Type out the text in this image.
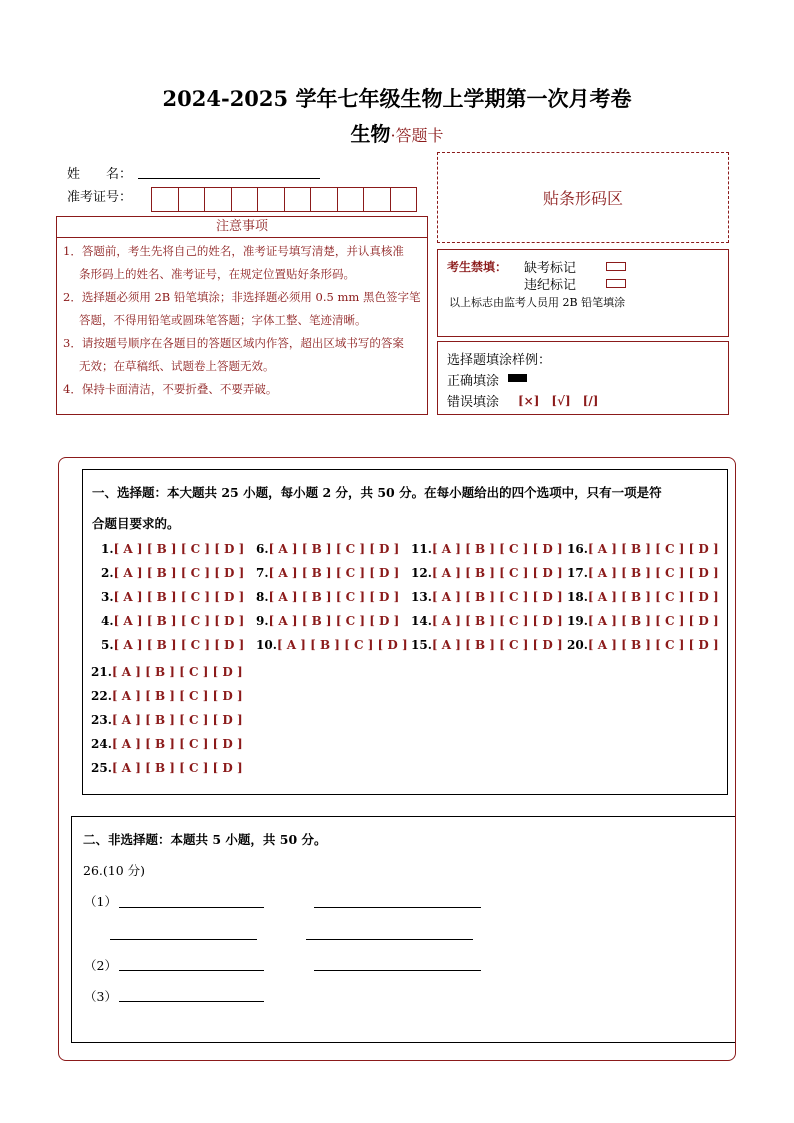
2024-2025 学年七年级生物上学期第一次月考卷
生物·答题卡
姓　　名：
准考证号：
注意事项
1．答题前，考生先将自己的姓名，准考证号填写清楚，并认真核准
条形码上的姓名、准考证号，在规定位置贴好条形码。
2．选择题必须用 2B 铅笔填涂；非选择题必须用 0.5 mm 黑色签字笔
答题，不得用铅笔或圆珠笔答题；字体工整、笔迹清晰。
3．请按题号顺序在各题目的答题区域内作答，超出区域书写的答案
无效；在草稿纸、试题卷上答题无效。
4．保持卡面清洁，不要折叠、不要弄破。
贴条形码区
考生禁填： 缺考标记
违纪标记
以上标志由监考人员用 2B 铅笔填涂
选择题填涂样例：
正确填涂
错误填涂 [×]　[√]　[/]
一、选择题：本大题共 25 小题，每小题 2 分，共 50 分。在每小题给出的四个选项中，只有一项是符
合题目要求的。
1.[ A ] [ B ] [ C ] [ D ]
2.[ A ] [ B ] [ C ] [ D ]
3.[ A ] [ B ] [ C ] [ D ]
4.[ A ] [ B ] [ C ] [ D ]
5.[ A ] [ B ] [ C ] [ D ]
6.[ A ] [ B ] [ C ] [ D ]
7.[ A ] [ B ] [ C ] [ D ]
8.[ A ] [ B ] [ C ] [ D ]
9.[ A ] [ B ] [ C ] [ D ]
10.[ A ] [ B ] [ C ] [ D ]
11.[ A ] [ B ] [ C ] [ D ]
12.[ A ] [ B ] [ C ] [ D ]
13.[ A ] [ B ] [ C ] [ D ]
14.[ A ] [ B ] [ C ] [ D ]
15.[ A ] [ B ] [ C ] [ D ]
16.[ A ] [ B ] [ C ] [ D ]
17.[ A ] [ B ] [ C ] [ D ]
18.[ A ] [ B ] [ C ] [ D ]
19.[ A ] [ B ] [ C ] [ D ]
20.[ A ] [ B ] [ C ] [ D ]
21.[ A ] [ B ] [ C ] [ D ]
22.[ A ] [ B ] [ C ] [ D ]
23.[ A ] [ B ] [ C ] [ D ]
24.[ A ] [ B ] [ C ] [ D ]
25.[ A ] [ B ] [ C ] [ D ]
二、非选择题：本题共 5 小题，共 50 分。
26.(10 分)
（1）
（2）
（3）
